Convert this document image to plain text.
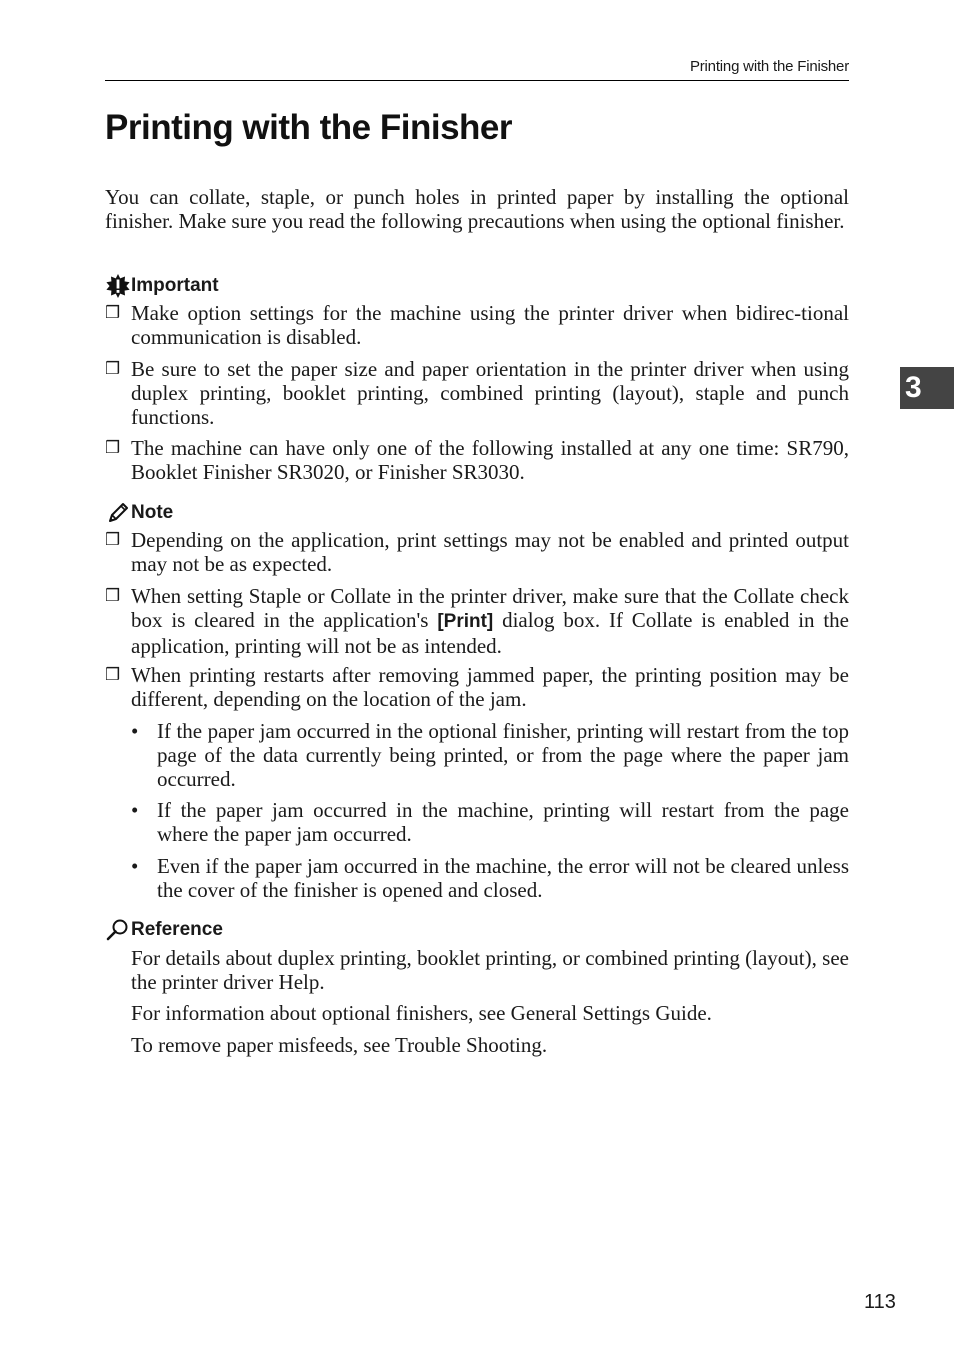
Printing with the Finisher
Printing with the Finisher
3

You can collate, staple, or punch holes in printed paper by installing the optional finisher. Make sure you read the following precautions when using the optional finisher.

Important
❒ Make option settings for the machine using the printer driver when bidirec-tional communication is disabled.
❒ Be sure to set the paper size and paper orientation in the printer driver when using duplex printing, booklet printing, combined printing (layout), staple and punch functions.
❒ The machine can have only one of the following installed at any one time: SR790, Booklet Finisher SR3020, or Finisher SR3030.
Note
❒ Depending on the application, print settings may not be enabled and printed output may not be as expected.
❒ When setting Staple or Collate in the printer driver, make sure that the Collate check box is cleared in the application's [Print] dialog box. If Collate is enabled in the application, printing will not be as intended.
❒ When printing restarts after removing jammed paper, the printing position may be different, depending on the location of the jam.
• If the paper jam occurred in the optional finisher, printing will restart from the top page of the data currently being printed, or from the page where the paper jam occurred.
• If the paper jam occurred in the machine, printing will restart from the page where the paper jam occurred.
• Even if the paper jam occurred in the machine, the error will not be cleared unless the cover of the finisher is opened and closed.
Reference

For details about duplex printing, booklet printing, or combined printing (layout), see the printer driver Help.

For information about optional finishers, see General Settings Guide.

To remove paper misfeeds, see Trouble Shooting.

113
